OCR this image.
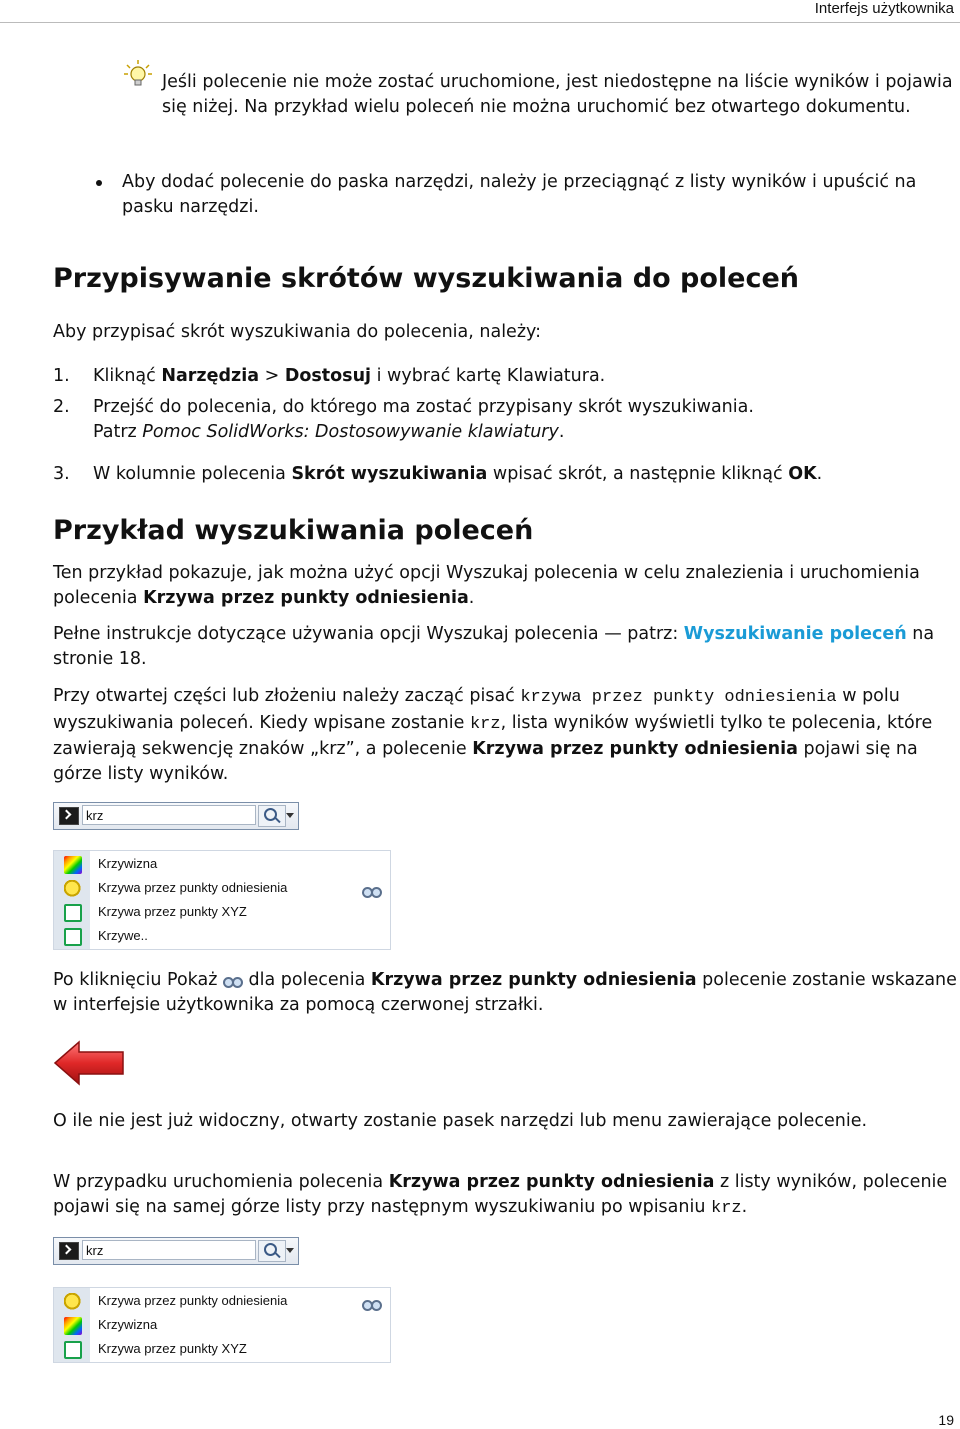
Interfejs użytkownika
Jeśli polecenie nie może zostać uruchomione, jest niedostępne na liście wyników i pojawia się niżej. Na przykład wielu poleceń nie można uruchomić bez otwartego dokumentu.
Aby dodać polecenie do paska narzędzi, należy je przeciągnąć z listy wyników i upuścić na pasku narzędzi.
Przypisywanie skrótów wyszukiwania do poleceń
Aby przypisać skrót wyszukiwania do polecenia, należy:
1. Kliknąć Narzędzia > Dostosuj i wybrać kartę Klawiatura.
2. Przejść do polecenia, do którego ma zostać przypisany skrót wyszukiwania.
Patrz Pomoc SolidWorks: Dostosowywanie klawiatury.
3. W kolumnie polecenia Skrót wyszukiwania wpisać skrót, a następnie kliknąć OK.
Przykład wyszukiwania poleceń
Ten przykład pokazuje, jak można użyć opcji Wyszukaj polecenia w celu znalezienia i uruchomienia polecenia Krzywa przez punkty odniesienia.
Pełne instrukcje dotyczące używania opcji Wyszukaj polecenia — patrz: Wyszukiwanie poleceń na stronie 18.
Przy otwartej części lub złożeniu należy zacząć pisać krzywa przez punkty odniesienia w polu wyszukiwania poleceń. Kiedy wpisane zostanie krz, lista wyników wyświetli tylko te polecenia, które zawierają sekwencję znaków „krz”, a polecenie Krzywa przez punkty odniesienia pojawi się na górze listy wyników.
krz
Krzywizna
Krzywa przez punkty odniesienia
Krzywa przez punkty XYZ
Krzywe..
Po kliknięciu Pokaż  dla polecenia Krzywa przez punkty odniesienia polecenie zostanie wskazane w interfejsie użytkownika za pomocą czerwonej strzałki.
O ile nie jest już widoczny, otwarty zostanie pasek narzędzi lub menu zawierające polecenie.
W przypadku uruchomienia polecenia Krzywa przez punkty odniesienia z listy wyników, polecenie pojawi się na samej górze listy przy następnym wyszukiwaniu po wpisaniu krz.
krz
Krzywa przez punkty odniesienia
Krzywizna
Krzywa przez punkty XYZ
19
